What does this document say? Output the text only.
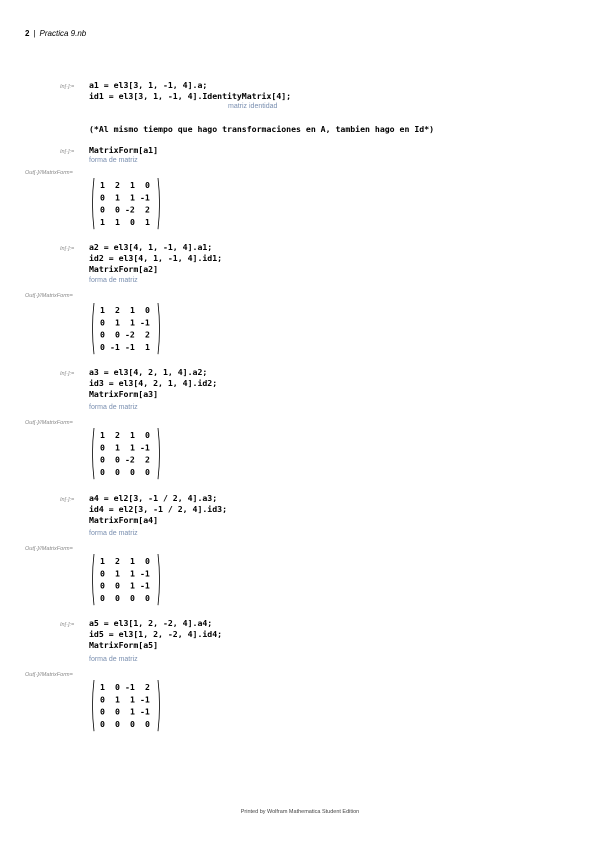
2 | Practica 9.nb
In[·]:= a1 = el3[3, 1, -1, 4].a;
id1 = el3[3, 1, -1, 4].IdentityMatrix[4];
matriz identidad
(*Al mismo tiempo que hago transformaciones en A, tambien hago en Id*)
In[·]:= MatrixForm[a1]
forma de matriz
Out[·]//MatrixForm=
1 2 1 0
0 1 1 -1
0 0 -2 2
1 1 0 1
In[·]:= a2 = el3[4, 1, -1, 4].a1;
id2 = el3[4, 1, -1, 4].id1;
MatrixForm[a2]
forma de matriz
Out[·]//MatrixForm=
1 2 1 0
0 1 1 -1
0 0 -2 2
0 -1 -1 1
In[·]:= a3 = el3[4, 2, 1, 4].a2;
id3 = el3[4, 2, 1, 4].id2;
MatrixForm[a3]
forma de matriz
Out[·]//MatrixForm=
1 2 1 0
0 1 1 -1
0 0 -2 2
0 0 0 0
In[·]:= a4 = el2[3, -1 / 2, 4].a3;
id4 = el2[3, -1 / 2, 4].id3;
MatrixForm[a4]
forma de matriz
Out[·]//MatrixForm=
1 2 1 0
0 1 1 -1
0 0 1 -1
0 0 0 0
In[·]:= a5 = el3[1, 2, -2, 4].a4;
id5 = el3[1, 2, -2, 4].id4;
MatrixForm[a5]
forma de matriz
Out[·]//MatrixForm=
1 0 -1 2
0 1 1 -1
0 0 1 -1
0 0 0 0
Printed by Wolfram Mathematica Student Edition
